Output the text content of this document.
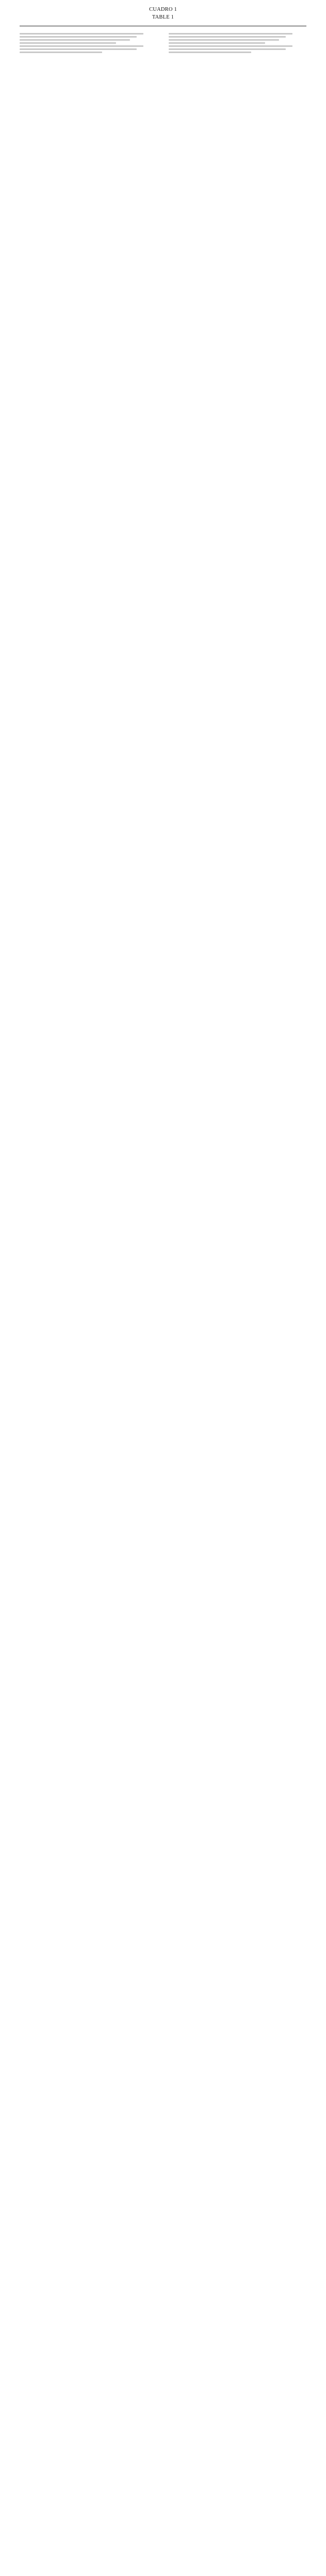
CUADRO 1
TABLE 1
